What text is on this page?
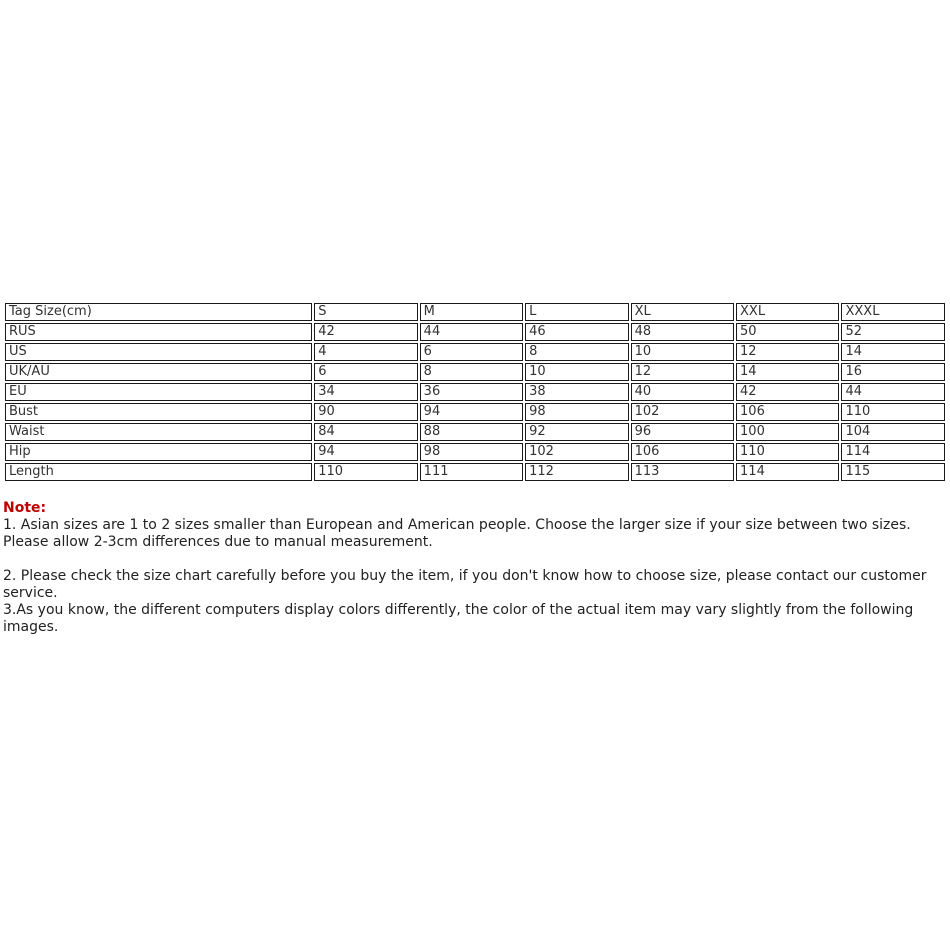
Tag Size(cm)	S	M	L	XL	XXL	XXXL
RUS	42	44	46	48	50	52
US	4	6	8	10	12	14
UK/AU	6	8	10	12	14	16
EU	34	36	38	40	42	44
Bust	90	94	98	102	106	110
Waist	84	88	92	96	100	104
Hip	94	98	102	106	110	114
Length	110	111	112	113	114	115
Note:

1. Asian sizes are 1 to 2 sizes smaller than European and American people. Choose the larger size if your size between two sizes. Please allow 2-3cm differences due to manual measurement.

2. Please check the size chart carefully before you buy the item, if you don't know how to choose size, please contact our customer service.

3.As you know, the different computers display colors differently, the color of the actual item may vary slightly from the following images.
